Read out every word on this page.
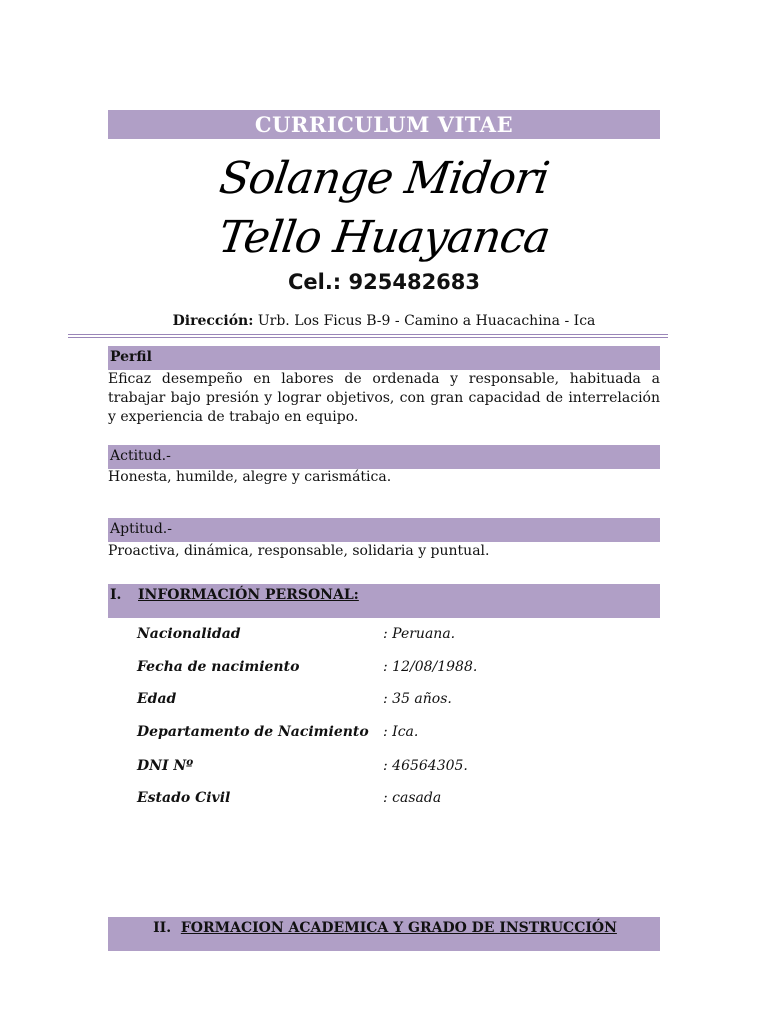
CURRICULUM VITAE
Solange Midori
Tello Huayanca
Cel.: 925482683
Dirección: Urb. Los Ficus B-9 - Camino a Huacachina - Ica
Perfil
Eficaz desempeño en labores de ordenada y responsable, habituada a trabajar bajo presión y lograr objetivos, con gran capacidad de interrelación y experiencia de trabajo en equipo.
Actitud.-
Honesta, humilde, alegre y carismática.
Aptitud.-
Proactiva, dinámica, responsable, solidaria y puntual.
I. INFORMACIÓN PERSONAL:
Nacionalidad	: Peruana.
Fecha de nacimiento	: 12/08/1988.
Edad	: 35 años.
Departamento de Nacimiento : Ica.
DNI Nº	: 46564305.
Estado Civil	: casada
II. FORMACION ACADEMICA Y GRADO DE INSTRUCCIÓN
